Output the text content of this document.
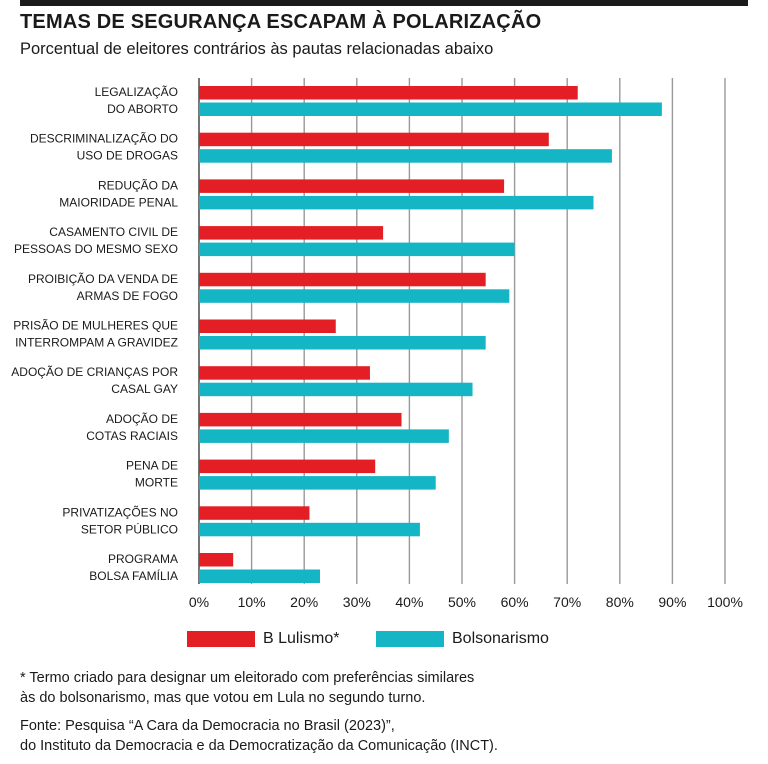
TEMAS DE SEGURANÇA ESCAPAM À POLARIZAÇÃO
Porcentual de eleitores contrários às pautas relacionadas abaixo
LEGALIZAÇÃO
DO ABORTO
DESCRIMINALIZAÇÃO DO
USO DE DROGAS
REDUÇÃO DA
MAIORIDADE PENAL
CASAMENTO CIVIL DE
PESSOAS DO MESMO SEXO
PROIBIÇÃO DA VENDA DE
ARMAS DE FOGO
PRISÃO DE MULHERES QUE
INTERROMPAM A GRAVIDEZ
ADOÇÃO DE CRIANÇAS POR
CASAL GAY
ADOÇÃO DE
COTAS RACIAIS
PENA DE
MORTE
PRIVATIZAÇÕES NO
SETOR PÚBLICO
PROGRAMA
BOLSA FAMÍLIA
0% 10% 20% 30% 40% 50% 60% 70% 80% 90% 100%
B Lulismo*	Bolsonarismo
* Termo criado para designar um eleitorado com preferências similares
às do bolsonarismo, mas que votou em Lula no segundo turno.
Fonte: Pesquisa “A Cara da Democracia no Brasil (2023)”,
do Instituto da Democracia e da Democratização da Comunicação (INCT).
